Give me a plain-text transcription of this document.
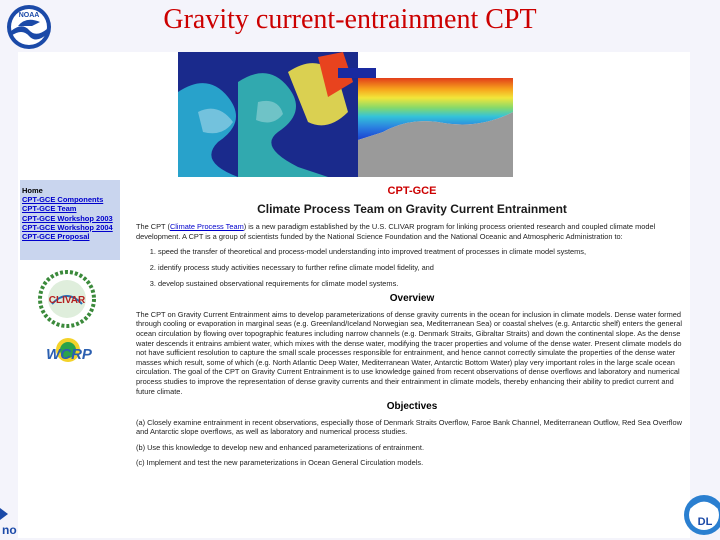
Gravity current-entrainment CPT
NOAA
Home
CPT-GCE Components
CPT-GCE Team
CPT-GCE Workshop 2003
CPT-GCE Workshop 2004
CPT-GCE Proposal
CLIVAR
WCRP
CPT-GCE
Climate Process Team on Gravity Current Entrainment

The CPT (Climate Process Team) is a new paradigm established by the U.S. CLIVAR program for linking process oriented research and coupled climate model development. A CPT is a group of scientists funded by the National Science Foundation and the National Oceanic and Atmospheric Administration to:

1. speed the transfer of theoretical and process-model understanding into improved treatment of processes in climate model systems,
2. identify process study activities necessary to further refine climate model fidelity, and
3. develop sustained observational requirements for climate model systems.
Overview

The CPT on Gravity Current Entrainment aims to develop parameterizations of dense gravity currents in the ocean for inclusion in climate models. Dense water formed through cooling or evaporation in marginal seas (e.g. Greenland/Iceland Norwegian sea, Mediterranean Sea) or coastal shelves (e.g. Antarctic shelf) enters the general ocean circulation by flowing over topographic features including narrow channels (e.g. Denmark Straits, Gibraltar Straits) and down the continental slope. As the dense water descends it entrains ambient water, which mixes with the dense water, modifying the tracer properties and volume of the dense water. Present climate models do not have sufficient resolution to capture the small scale processes responsible for entrainment, and hence cannot correctly simulate the properties of the dense water masses which result, some of which (e.g. North Atlantic Deep Water, Mediterranean Water, Antarctic Bottom Water) play very important roles in the large scale ocean circulation. The goal of the CPT on Gravity Current Entrainment is to use knowledge gained from recent observations of dense overflows and laboratory and numerical process studies to improve the representation of dense gravity currents and their entrainment in climate models, thereby enhancing their ability to predict current and future climate.

Objectives

(a) Closely examine entrainment in recent observations, especially those of Denmark Straits Overflow, Faroe Bank Channel, Mediterranean Outflow, Red Sea Overflow and Antarctic slope overflows, as well as laboratory and numerical process studies.

(b) Use this knowledge to develop new and enhanced parameterizations of entrainment.

(c) Implement and test the new parameterizations in Ocean General Circulation models.

no
DL
